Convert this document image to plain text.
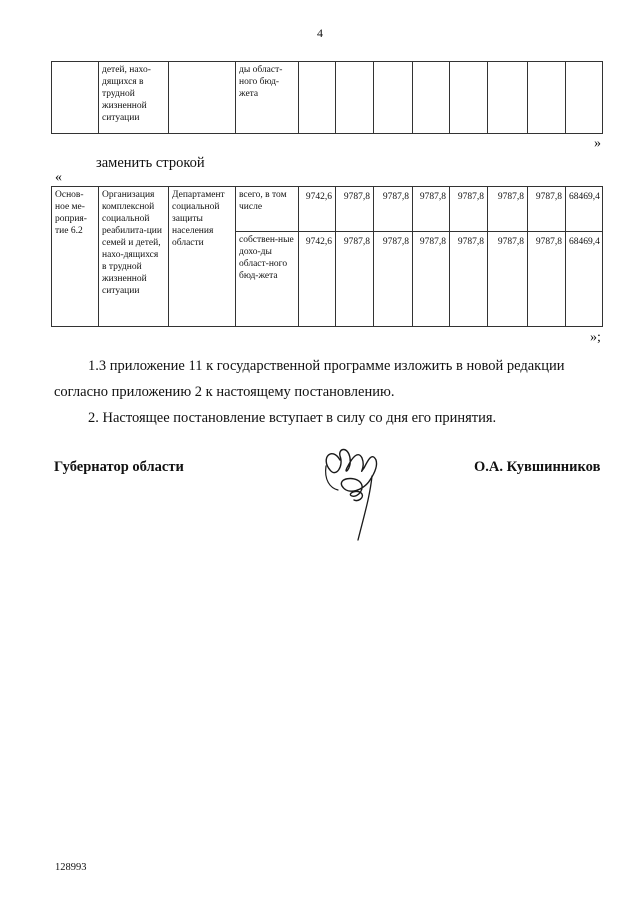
4
	детей, нахо-дящихся в трудной жизненной ситуации		ды област-ного бюд-жета								
»
заменить строкой
«
Основ-ное ме-роприя-тие 6.2	Организация комплексной социальной реабилита-ции семей и детей, нахо-дящихся в трудной жизненной ситуации	Департамент социальной защиты населения области	всего, в том числе	9742,6	9787,8	9787,8	9787,8	9787,8	9787,8	9787,8	68469,4
			собствен-ные дохо-ды област-ного бюд-жета	9742,6	9787,8	9787,8	9787,8	9787,8	9787,8	9787,8	68469,4
»;
1.3 приложение 11 к государственной программе изложить в новой редакции
согласно приложению 2 к настоящему постановлению.
2. Настоящее постановление вступает в силу со дня его принятия.
Губернатор области	О.А. Кувшинников
128993
